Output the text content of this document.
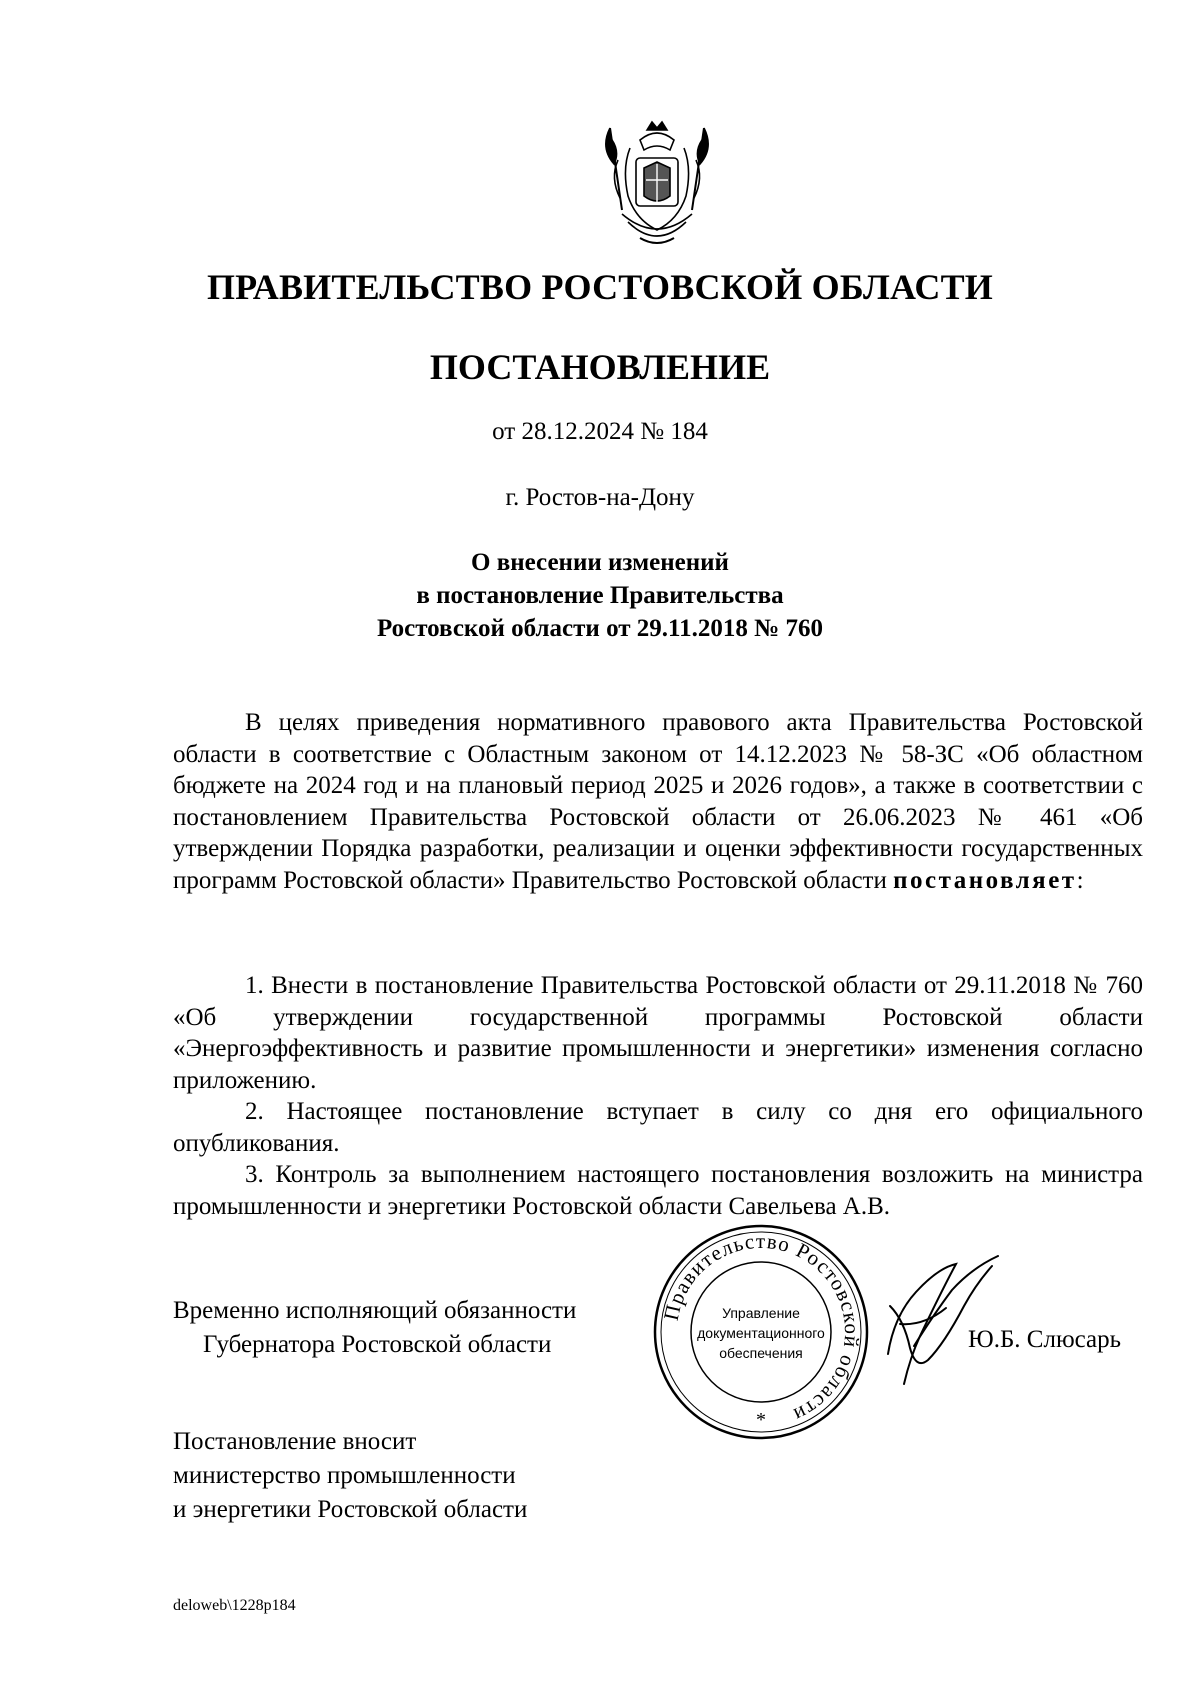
ПРАВИТЕЛЬСТВО РОСТОВСКОЙ ОБЛАСТИ
ПОСТАНОВЛЕНИЕ
от 28.12.2024 № 184
г. Ростов-на-Дону
О внесении изменений
в постановление Правительства
Ростовской области от 29.11.2018 № 760

В целях приведения нормативного правового акта Правительства Ростовской области в соответствие с Областным законом от 14.12.2023 № 58-ЗС «Об областном бюджете на 2024 год и на плановый период 2025 и 2026 годов», а также в соответствии с постановлением Правительства Ростовской области от 26.06.2023 № 461 «Об утверждении Порядка разработки, реализации и оценки эффективности государственных программ Ростовской области» Правительство Ростовской области постановляет:

1. Внести в постановление Правительства Ростовской области от 29.11.2018 № 760 «Об утверждении государственной программы Ростовской области «Энергоэффективность и развитие промышленности и энергетики» изменения согласно приложению.

2. Настоящее постановление вступает в силу со дня его официального опубликования.

3. Контроль за выполнением настоящего постановления возложить на министра промышленности и энергетики Ростовской области Савельева А.В.

Временно исполняющий обязанности
Губернатора Ростовской области
Правительство Ростовской области
Управление
документационного
обеспечения
*
Ю.Б. Слюсарь
Постановление вносит
министерство промышленности
и энергетики Ростовской области
deloweb\1228p184
